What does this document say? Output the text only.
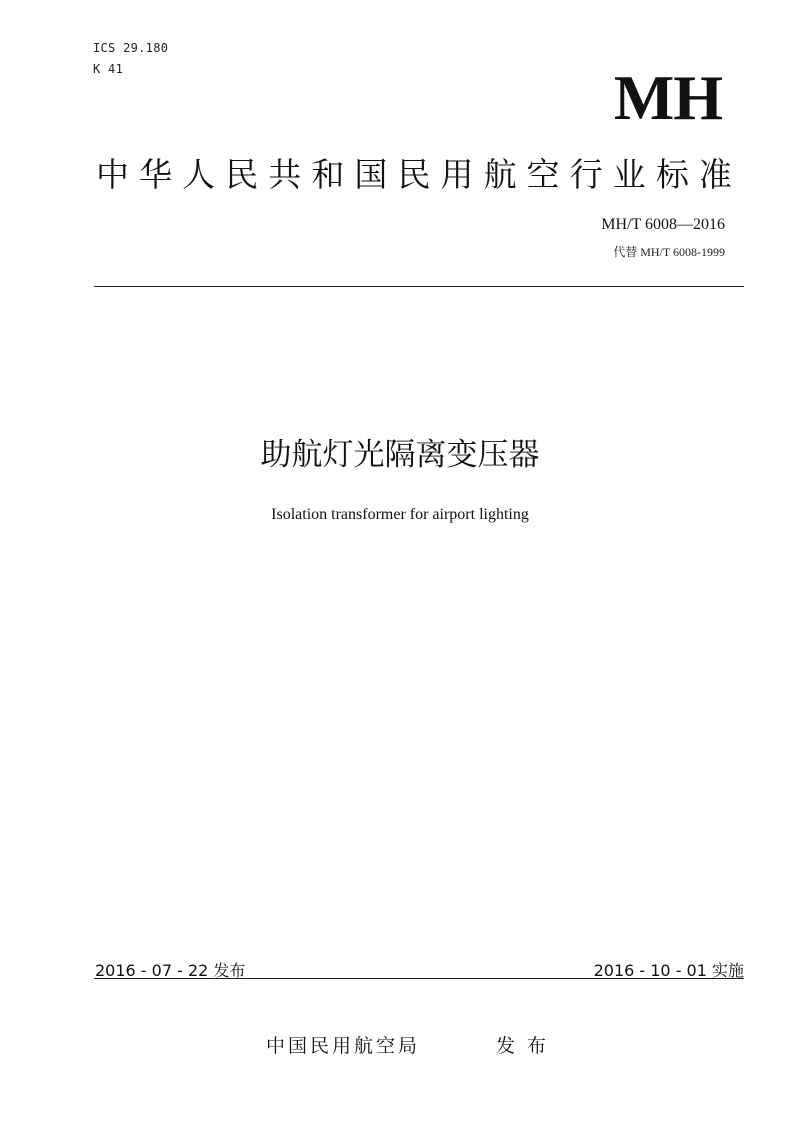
ICS 29.180
K 41	MH
中 华 人 民 共 和 国 民 用 航 空 行 业 标 准
MH/T 6008—2016
代替 MH/T 6008-1999
助航灯光隔离变压器
Isolation transformer for airport lighting
2016 - 07 - 22 发布	2016 - 10 - 01 实施
中国民用航空局	发布
